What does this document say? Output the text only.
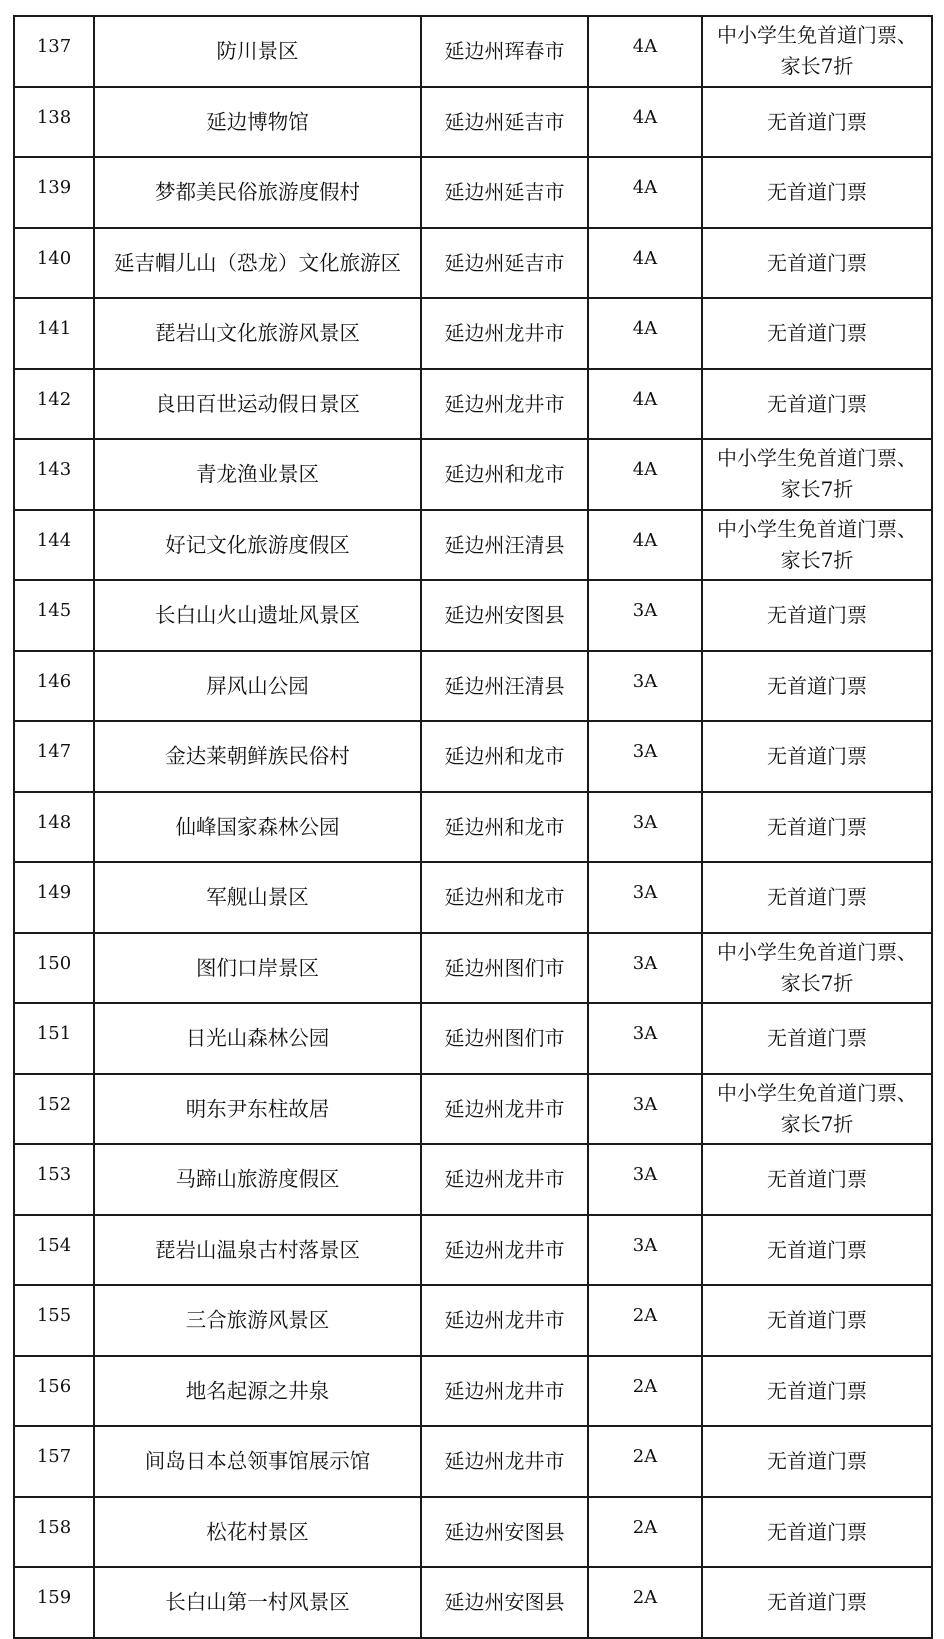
137	防川景区	延边州珲春市	4A	中小学生免首道门票、
家长7折

138	延边博物馆	延边州延吉市	4A	无首道门票

139	梦都美民俗旅游度假村	延边州延吉市	4A	无首道门票

140	延吉帽儿山（恐龙）文化旅游区	延边州延吉市	4A	无首道门票

141	琵岩山文化旅游风景区	延边州龙井市	4A	无首道门票

142	良田百世运动假日景区	延边州龙井市	4A	无首道门票

143	青龙渔业景区	延边州和龙市	4A	中小学生免首道门票、
家长7折

144	好记文化旅游度假区	延边州汪清县	4A	中小学生免首道门票、
家长7折

145	长白山火山遗址风景区	延边州安图县	3A	无首道门票

146	屏风山公园	延边州汪清县	3A	无首道门票

147	金达莱朝鲜族民俗村	延边州和龙市	3A	无首道门票

148	仙峰国家森林公园	延边州和龙市	3A	无首道门票

149	军舰山景区	延边州和龙市	3A	无首道门票

150	图们口岸景区	延边州图们市	3A	中小学生免首道门票、
家长7折

151	日光山森林公园	延边州图们市	3A	无首道门票

152	明东尹东柱故居	延边州龙井市	3A	中小学生免首道门票、
家长7折

153	马蹄山旅游度假区	延边州龙井市	3A	无首道门票

154	琵岩山温泉古村落景区	延边州龙井市	3A	无首道门票

155	三合旅游风景区	延边州龙井市	2A	无首道门票

156	地名起源之井泉	延边州龙井市	2A	无首道门票

157	间岛日本总领事馆展示馆	延边州龙井市	2A	无首道门票

158	松花村景区	延边州安图县	2A	无首道门票

159	长白山第一村风景区	延边州安图县	2A	无首道门票
